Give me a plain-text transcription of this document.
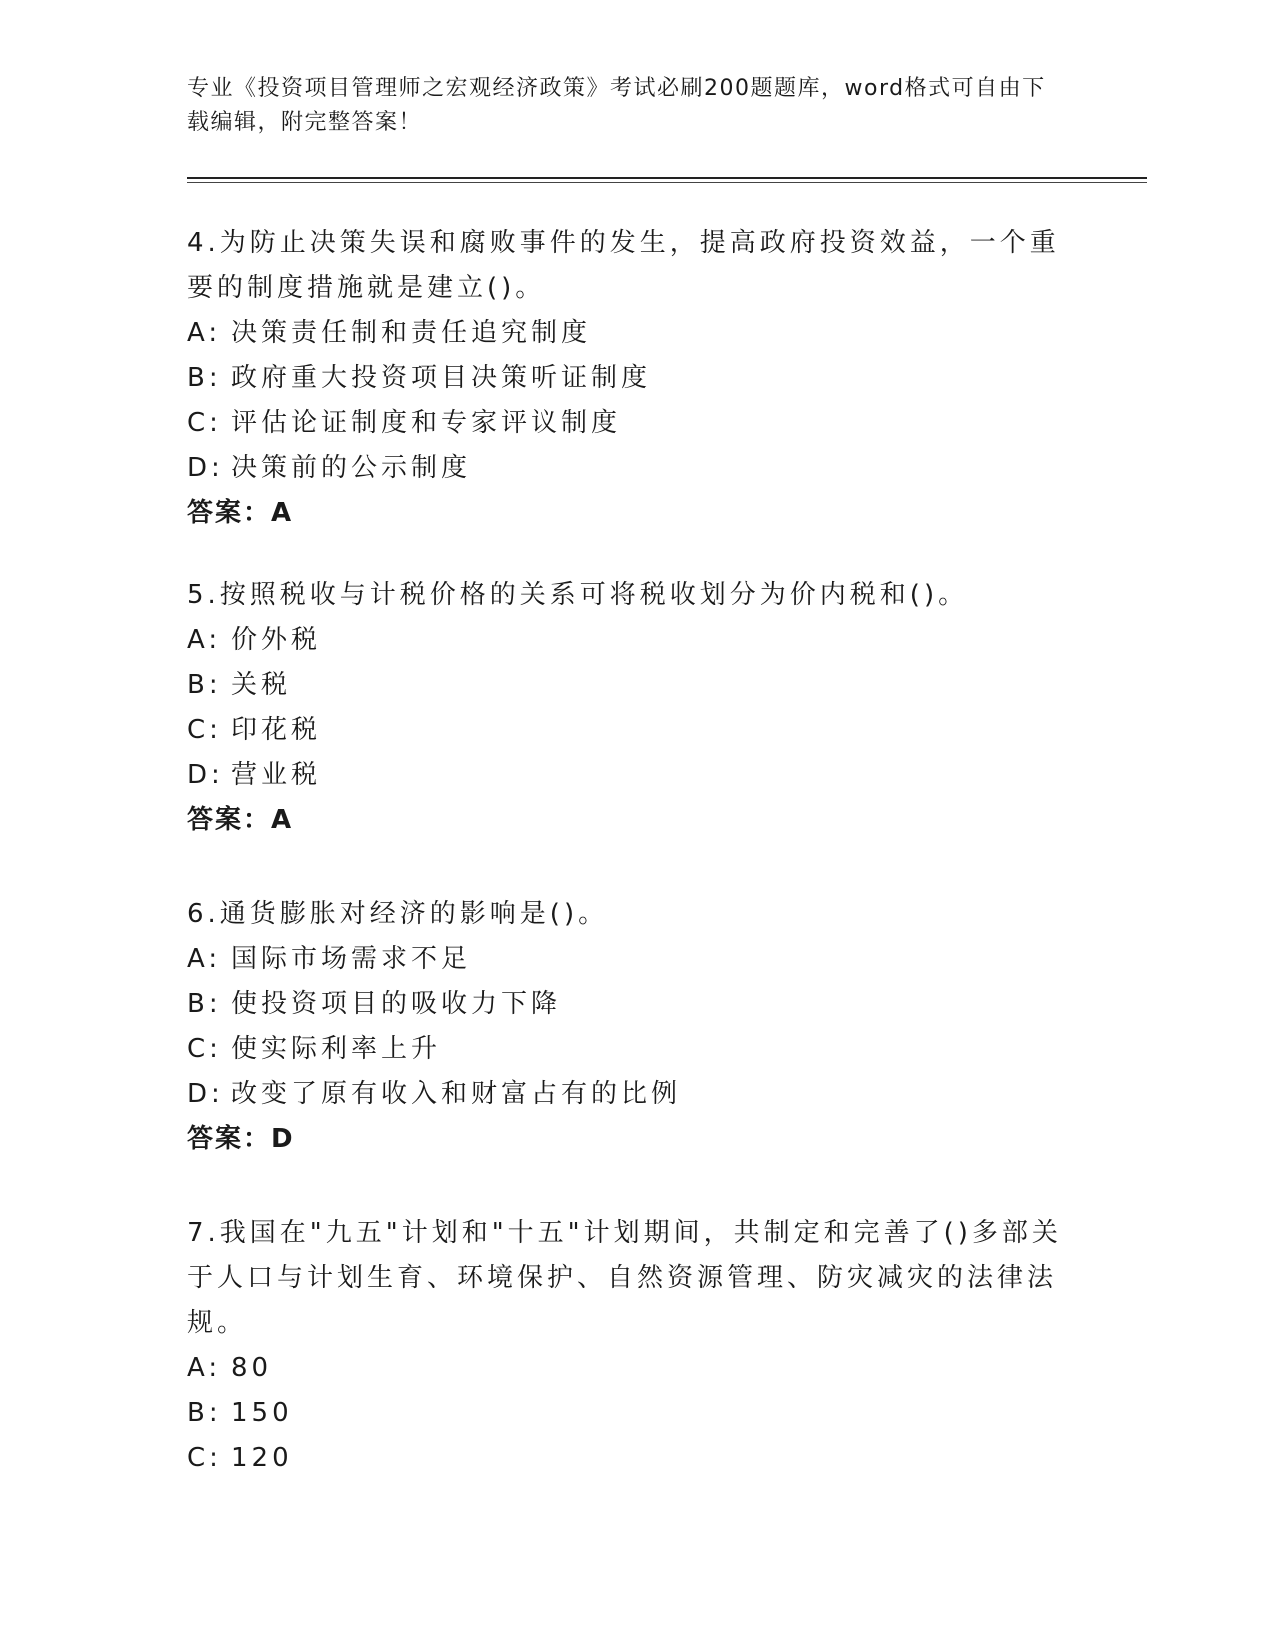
专业《投资项目管理师之宏观经济政策》考试必刷200题题库，word格式可自由下载编辑，附完整答案！

4.为防止决策失误和腐败事件的发生，提高政府投资效益，一个重要的制度措施就是建立()。

A: 决策责任制和责任追究制度

B: 政府重大投资项目决策听证制度

C: 评估论证制度和专家评议制度

D: 决策前的公示制度

答案：A

5.按照税收与计税价格的关系可将税收划分为价内税和()。

A: 价外税

B: 关税

C: 印花税

D: 营业税

答案：A

6.通货膨胀对经济的影响是()。

A: 国际市场需求不足

B: 使投资项目的吸收力下降

C: 使实际利率上升

D: 改变了原有收入和财富占有的比例

答案：D

7.我国在"九五"计划和"十五"计划期间，共制定和完善了()多部关于人口与计划生育、环境保护、自然资源管理、防灾减灾的法律法规。

A: 80

B: 150

C: 120
